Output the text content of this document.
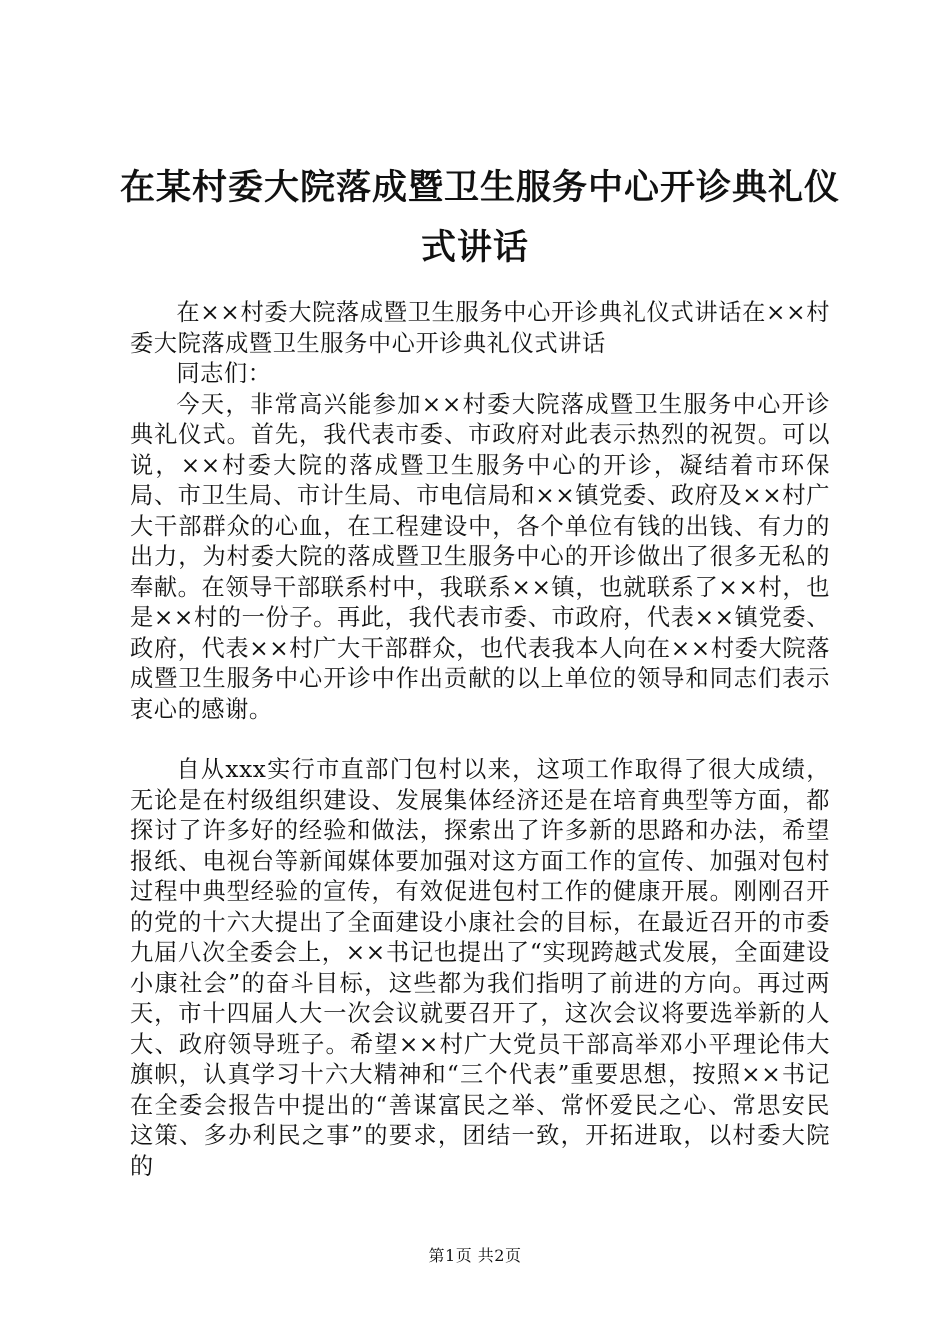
在某村委大院落成暨卫生服务中心开诊典礼仪
式讲话

在××村委大院落成暨卫生服务中心开诊典礼仪式讲话在××村委大院落成暨卫生服务中心开诊典礼仪式讲话

同志们：

今天，非常高兴能参加××村委大院落成暨卫生服务中心开诊典礼仪式。首先，我代表市委、市政府对此表示热烈的祝贺。可以说，××村委大院的落成暨卫生服务中心的开诊，凝结着市环保局、市卫生局、市计生局、市电信局和××镇党委、政府及××村广大干部群众的心血，在工程建设中，各个单位有钱的出钱、有力的出力，为村委大院的落成暨卫生服务中心的开诊做出了很多无私的奉献。在领导干部联系村中，我联系××镇，也就联系了××村，也是××村的一份子。再此，我代表市委、市政府，代表××镇党委、政府，代表××村广大干部群众，也代表我本人向在××村委大院落成暨卫生服务中心开诊中作出贡献的以上单位的领导和同志们表示衷心的感谢。

自从xxx实行市直部门包村以来，这项工作取得了很大成绩，无论是在村级组织建设、发展集体经济还是在培育典型等方面，都探讨了许多好的经验和做法，探索出了许多新的思路和办法，希望报纸、电视台等新闻媒体要加强对这方面工作的宣传、加强对包村过程中典型经验的宣传，有效促进包村工作的健康开展。刚刚召开的党的十六大提出了全面建设小康社会的目标，在最近召开的市委九届八次全委会上，××书记也提出了“实现跨越式发展，全面建设小康社会”的奋斗目标，这些都为我们指明了前进的方向。再过两天，市十四届人大一次会议就要召开了，这次会议将要选举新的人大、政府领导班子。希望××村广大党员干部高举邓小平理论伟大旗帜，认真学习十六大精神和“三个代表”重要思想，按照××书记在全委会报告中提出的“善谋富民之举、常怀爱民之心、常思安民这策、多办利民之事”的要求，团结一致，开拓进取，以村委大院的

第1页 共2页
